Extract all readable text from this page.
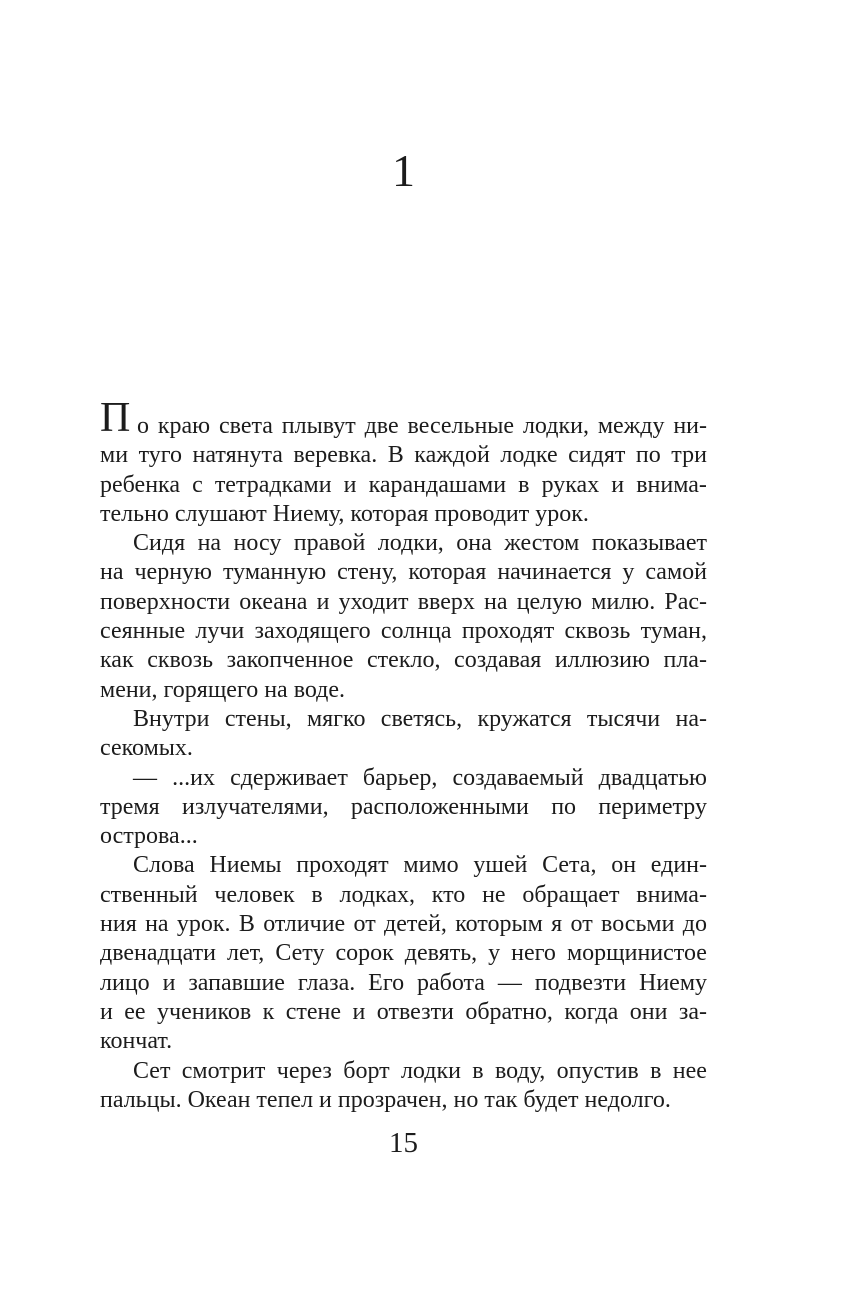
1
П о краю света плывут две весельные лодки, между ни-
ми туго натянута веревка. В каждой лодке сидят по три
ребенка с тетрадками и карандашами в руках и внима-
тельно слушают Ниему, которая проводит урок.
Сидя на носу правой лодки, она жестом показывает
на черную туманную стену, которая начинается у самой
поверхности океана и уходит вверх на целую милю. Рас-
сеянные лучи заходящего солнца проходят сквозь туман,
как сквозь закопченное стекло, создавая иллюзию пла-
мени, горящего на воде.
Внутри стены, мягко светясь, кружатся тысячи на-
секомых.
— ...их сдерживает барьер, создаваемый двадцатью
тремя излучателями, расположенными по периметру
острова...
Слова Ниемы проходят мимо ушей Сета, он един-
ственный человек в лодках, кто не обращает внима-
ния на урок. В отличие от детей, которым я от восьми до
двенадцати лет, Сету сорок девять, у него морщинистое
лицо и запавшие глаза. Его работа — подвезти Ниему
и ее учеников к стене и отвезти обратно, когда они за-
кончат.
Сет смотрит через борт лодки в воду, опустив в нее
пальцы. Океан тепел и прозрачен, но так будет недолго.
15
